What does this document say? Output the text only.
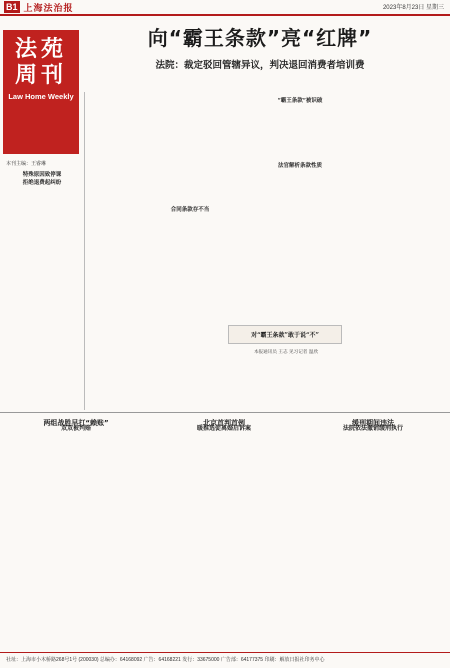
B1 上海法治报	2023年8月23日 星期三
法苑周刊
Law Home Weekly
本刊主编：王睿琳
特殊原因致停课
拒绝退费起纠纷
向“霸王条款”亮“红牌”
法院：裁定驳回管辖异议，判决退回消费者培训费
合同条款存不当
法官解析条款性质
“霸王条款”被识破
对“霸王条款”敢于说“不”
本报通讯员 王志 见习记者 温欣
两组战胜早打“赖账”
双双被判赔
北京首判首例
暖推选促离婚启诉案
缓刑期间违法
法院依法撤销缓刑执行
社址：上海市小木桥路268号1号 (200030) 总编办：64168092 广告：64168221 发行：33675000 广告部：64177375 印刷：解放日报社印务中心
